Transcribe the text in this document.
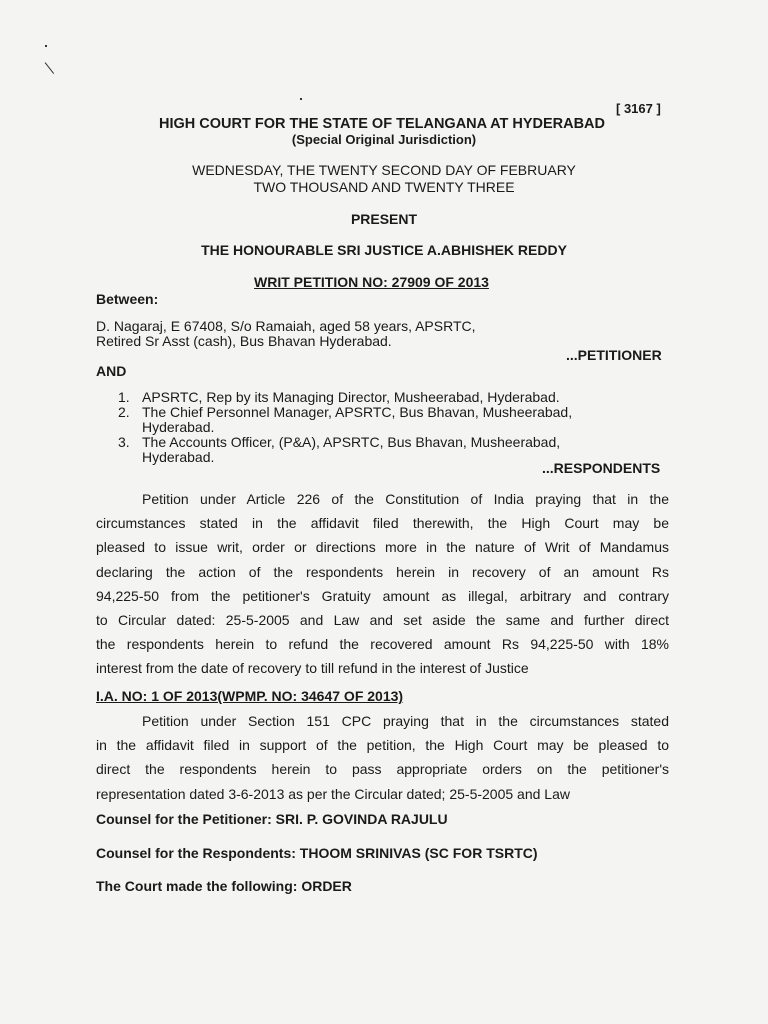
[ 3167 ]
HIGH COURT FOR THE STATE OF TELANGANA AT HYDERABAD
(Special Original Jurisdiction)
WEDNESDAY, THE TWENTY SECOND DAY OF FEBRUARY
TWO THOUSAND AND TWENTY THREE
PRESENT
THE HONOURABLE SRI JUSTICE A.ABHISHEK REDDY
WRIT PETITION NO: 27909 OF 2013
Between:
D. Nagaraj, E 67408, S/o Ramaiah, aged 58 years, APSRTC,
Retired Sr Asst (cash), Bus Bhavan Hyderabad.
...PETITIONER
AND
1. APSRTC, Rep by its Managing Director, Musheerabad, Hyderabad.
2. The Chief Personnel Manager, APSRTC, Bus Bhavan, Musheerabad,
Hyderabad.
3. The Accounts Officer, (P&A), APSRTC, Bus Bhavan, Musheerabad,
Hyderabad.
...RESPONDENTS
Petition under Article 226 of the Constitution of India praying that in the
circumstances stated in the affidavit filed therewith, the High Court may be
pleased to issue writ, order or directions more in the nature of Writ of Mandamus
declaring the action of the respondents herein in recovery of an amount Rs
94,225-50 from the petitioner's Gratuity amount as illegal, arbitrary and contrary
to Circular dated: 25-5-2005 and Law and set aside the same and further direct
the respondents herein to refund the recovered amount Rs 94,225-50 with 18%
interest from the date of recovery to till refund in the interest of Justice
I.A. NO: 1 OF 2013(WPMP. NO: 34647 OF 2013)
Petition under Section 151 CPC praying that in the circumstances stated
in the affidavit filed in support of the petition, the High Court may be pleased to
direct the respondents herein to pass appropriate orders on the petitioner's
representation dated 3-6-2013 as per the Circular dated; 25-5-2005 and Law
Counsel for the Petitioner: SRI. P. GOVINDA RAJULU
Counsel for the Respondents: THOOM SRINIVAS (SC FOR TSRTC)
The Court made the following: ORDER
